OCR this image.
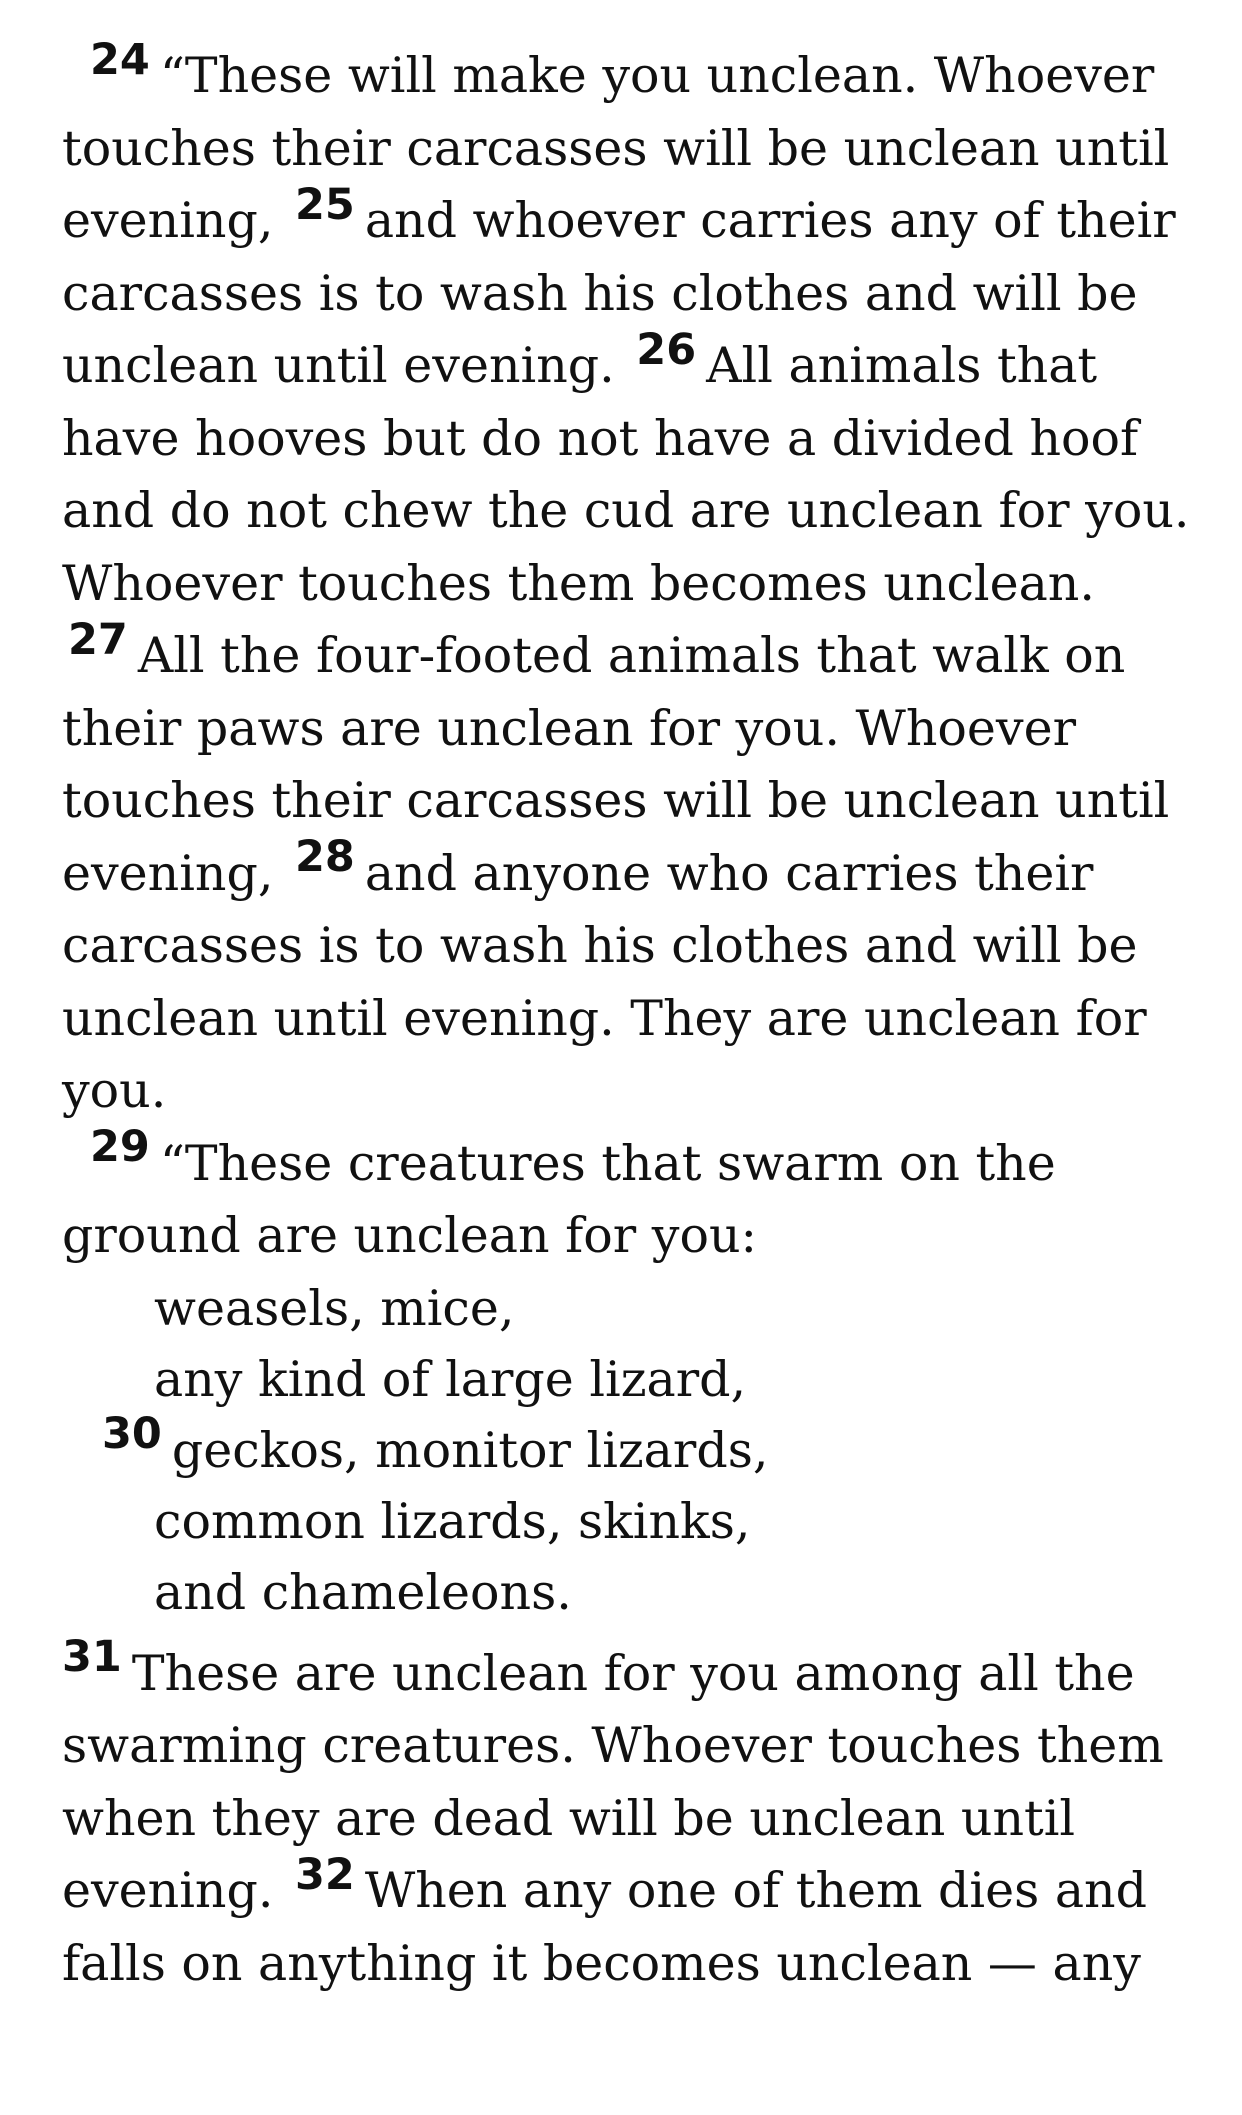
24 “These will make you unclean. Whoever touches their carcasses will be unclean until evening, 25 and whoever carries any of their carcasses is to wash his clothes and will be unclean until evening. 26 All animals that have hooves but do not have a divided hoof and do not chew the cud are unclean for you. Whoever touches them becomes unclean. 27 All the four-footed animals that walk on their paws are unclean for you. Whoever touches their carcasses will be unclean until evening, 28 and anyone who carries their carcasses is to wash his clothes and will be unclean until evening. They are unclean for you.

29 “These creatures that swarm on the ground are unclean for you:

weasels, mice,
any kind of large lizard,
30 geckos, monitor lizards,
common lizards, skinks,
and chameleons.

31 These are unclean for you among all the swarming creatures. Whoever touches them when they are dead will be unclean until evening. 32 When any one of them dies and falls on anything it becomes unclean — any
